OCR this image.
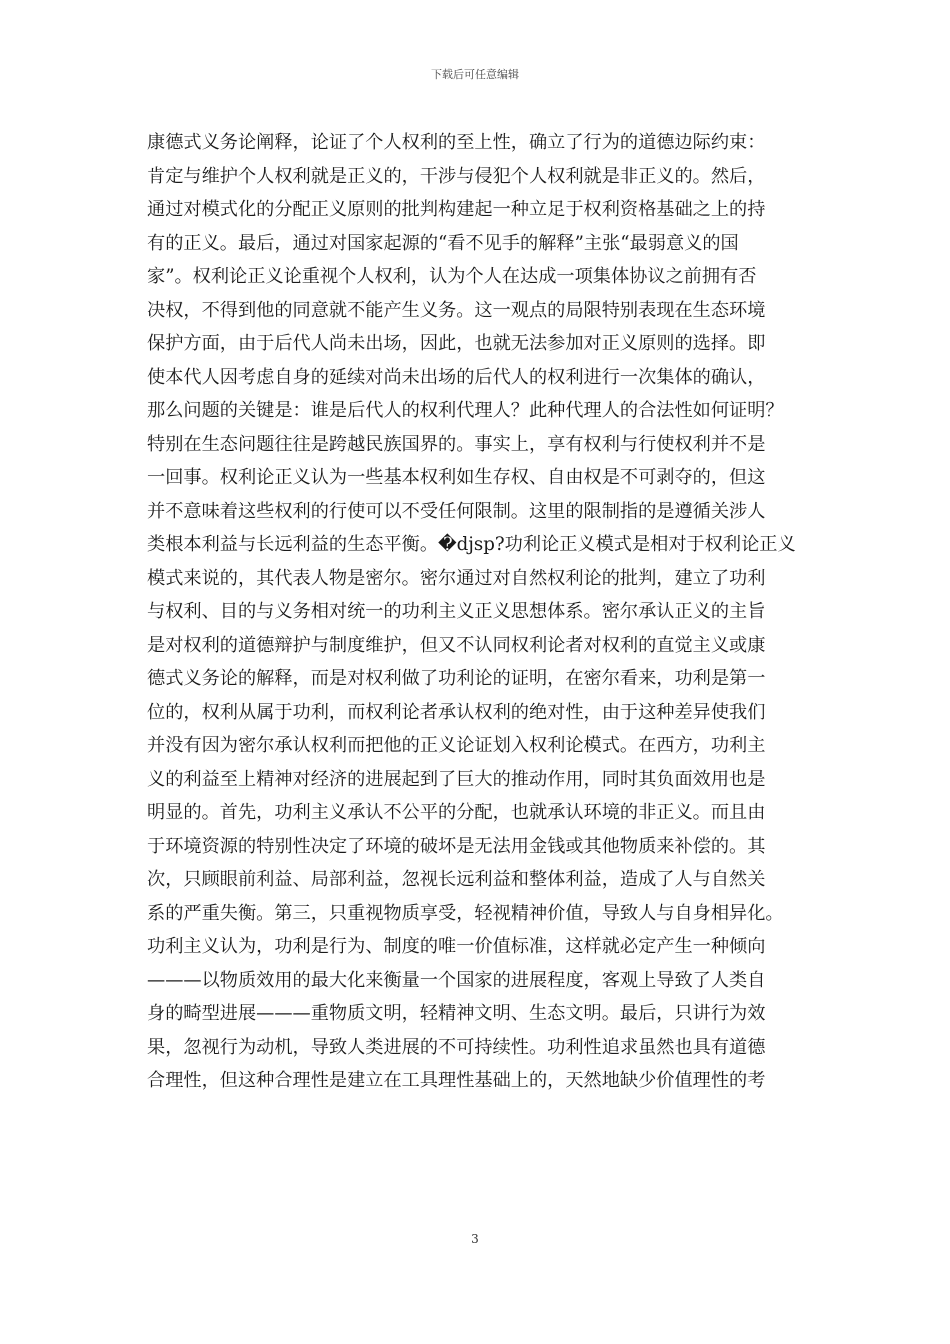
下载后可任意编辑
康德式义务论阐释，论证了个人权利的至上性，确立了行为的道德边际约束：
肯定与维护个人权利就是正义的，干涉与侵犯个人权利就是非正义的。然后，
通过对模式化的分配正义原则的批判构建起一种立足于权利资格基础之上的持
有的正义。最后，通过对国家起源的“看不见手的解释”主张“最弱意义的国
家”。权利论正义论重视个人权利，认为个人在达成一项集体协议之前拥有否
决权，不得到他的同意就不能产生义务。这一观点的局限特别表现在生态环境
保护方面，由于后代人尚未出场，因此，也就无法参加对正义原则的选择。即
使本代人因考虑自身的延续对尚未出场的后代人的权利进行一次集体的确认，
那么问题的关键是：谁是后代人的权利代理人？此种代理人的合法性如何证明？
特别在生态问题往往是跨越民族国界的。事实上，享有权利与行使权利并不是
一回事。权利论正义认为一些基本权利如生存权、自由权是不可剥夺的，但这
并不意味着这些权利的行使可以不受任何限制。这里的限制指的是遵循关涉人
类根本利益与长远利益的生态平衡。�djsp?功利论正义模式是相对于权利论正义
模式来说的，其代表人物是密尔。密尔通过对自然权利论的批判，建立了功利
与权利、目的与义务相对统一的功利主义正义思想体系。密尔承认正义的主旨
是对权利的道德辩护与制度维护，但又不认同权利论者对权利的直觉主义或康
德式义务论的解释，而是对权利做了功利论的证明，在密尔看来，功利是第一
位的，权利从属于功利，而权利论者承认权利的绝对性，由于这种差异使我们
并没有因为密尔承认权利而把他的正义论证划入权利论模式。在西方，功利主
义的利益至上精神对经济的进展起到了巨大的推动作用，同时其负面效用也是
明显的。首先，功利主义承认不公平的分配，也就承认环境的非正义。而且由
于环境资源的特别性决定了环境的破坏是无法用金钱或其他物质来补偿的。其
次，只顾眼前利益、局部利益，忽视长远利益和整体利益，造成了人与自然关
系的严重失衡。第三，只重视物质享受，轻视精神价值，导致人与自身相异化。
功利主义认为，功利是行为、制度的唯一价值标准，这样就必定产生一种倾向
———以物质效用的最大化来衡量一个国家的进展程度，客观上导致了人类自
身的畸型进展———重物质文明，轻精神文明、生态文明。最后，只讲行为效
果，忽视行为动机，导致人类进展的不可持续性。功利性追求虽然也具有道德
合理性，但这种合理性是建立在工具理性基础上的，天然地缺少价值理性的考
3
